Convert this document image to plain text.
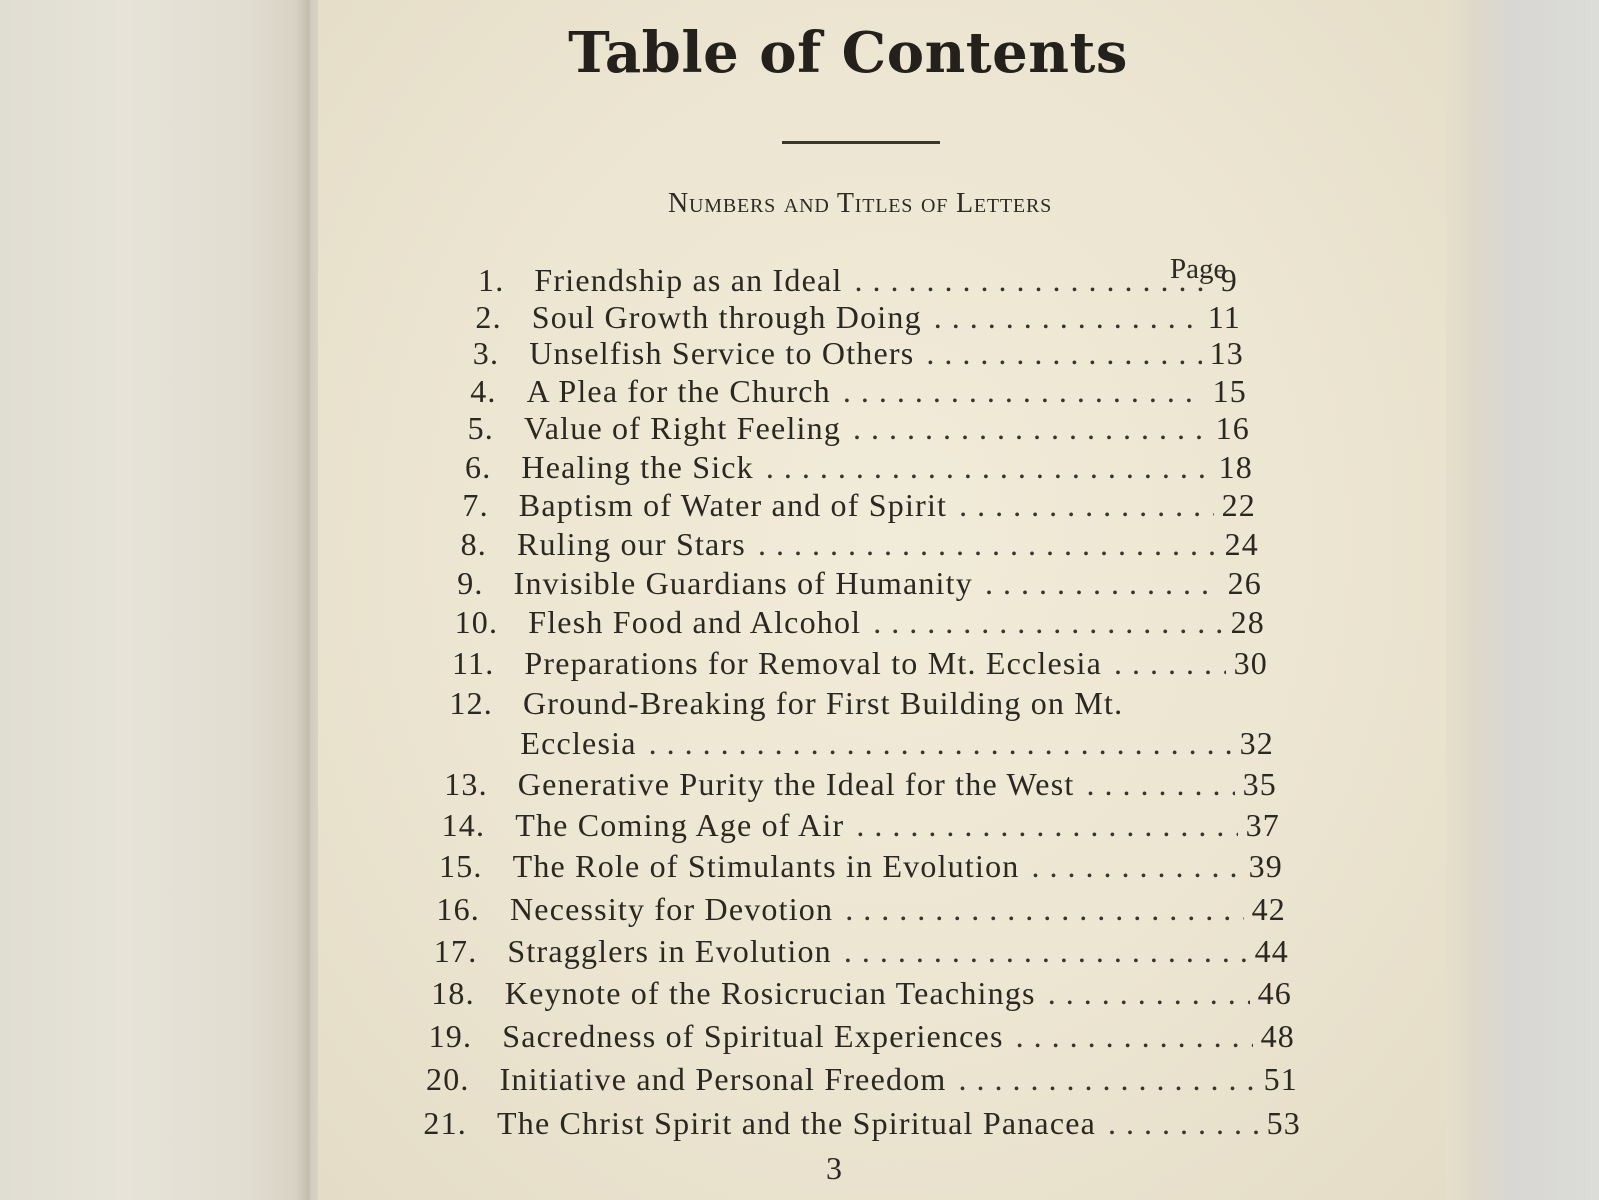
Table of Contents
Numbers and Titles of Letters
Page
1. Friendship as an Ideal . . .	9
2. Soul Growth through Doing . . .	11
3. Unselfish Service to Others . . .	13
4. A Plea for the Church . . .	15
5. Value of Right Feeling . . .	16
6. Healing the Sick . . .	18
7. Baptism of Water and of Spirit . . .	22
8. Ruling our Stars . . .	24
9. Invisible Guardians of Humanity . . .	26
10. Flesh Food and Alcohol . . .	28
11. Preparations for Removal to Mt. Ecclesia . . .	30
12. Ground-Breaking for First Building on Mt.
Ecclesia . . .	32
13. Generative Purity the Ideal for the West . . .	35
14. The Coming Age of Air . . .	37
15. The Role of Stimulants in Evolution . . .	39
16. Necessity for Devotion . . .	42
17. Stragglers in Evolution . . .	44
18. Keynote of the Rosicrucian Teachings . . .	46
19. Sacredness of Spiritual Experiences . . .	48
20. Initiative and Personal Freedom . . .	51
21. The Christ Spirit and the Spiritual Panacea . . .	53
3
